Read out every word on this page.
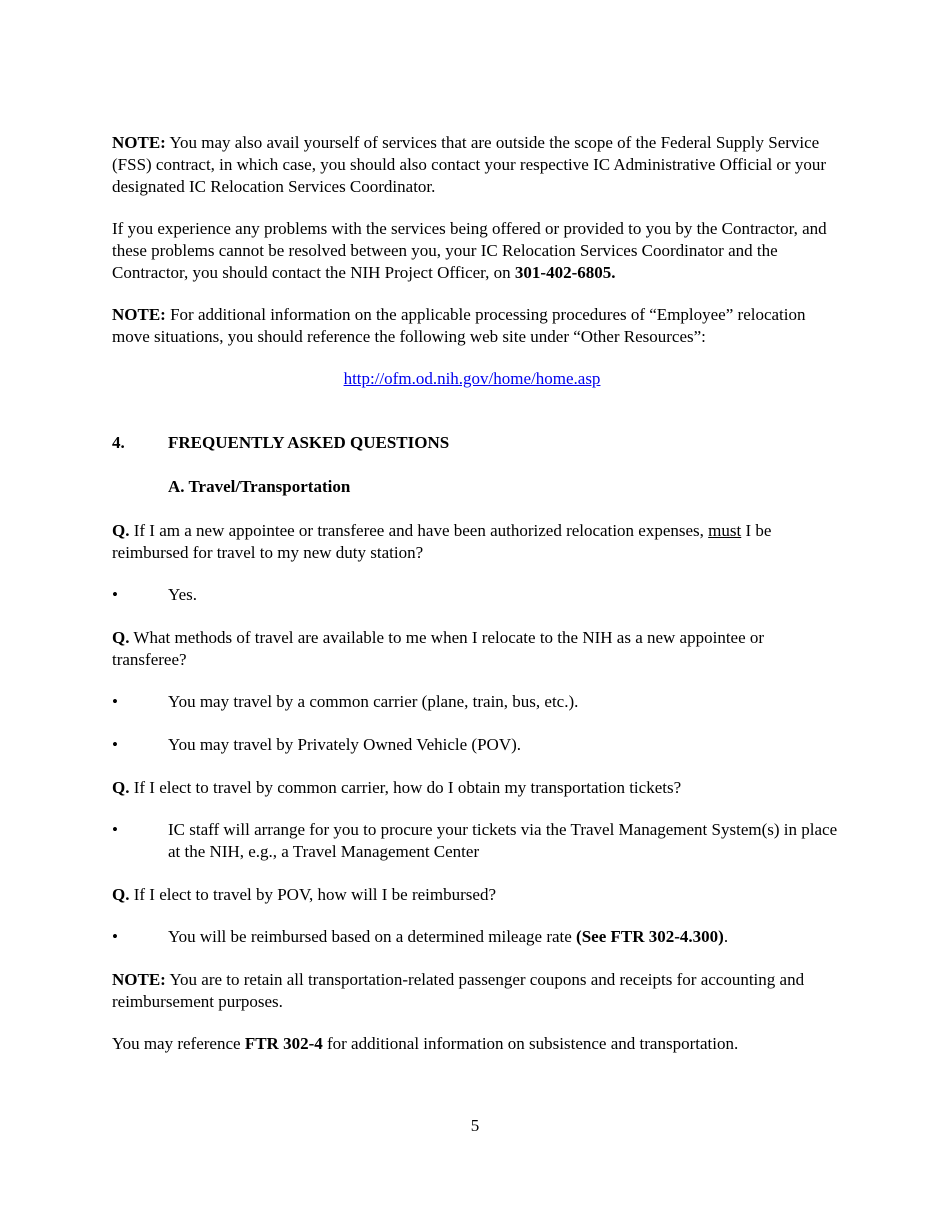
NOTE: You may also avail yourself of services that are outside the scope of the Federal Supply Service (FSS) contract, in which case, you should also contact your respective IC Administrative Official or your designated IC Relocation Services Coordinator.

If you experience any problems with the services being offered or provided to you by the Contractor, and these problems cannot be resolved between you, your IC Relocation Services Coordinator and the Contractor, you should contact the NIH Project Officer, on 301-402-6805.

NOTE: For additional information on the applicable processing procedures of “Employee” relocation move situations, you should reference the following web site under “Other Resources”:

http://ofm.od.nih.gov/home/home.asp

4.	FREQUENTLY ASKED QUESTIONS
A. Travel/Transportation

Q. If I am a new appointee or transferee and have been authorized relocation expenses, must I be reimbursed for travel to my new duty station?

•	Yes.

Q. What methods of travel are available to me when I relocate to the NIH as a new appointee or transferee?

•	You may travel by a common carrier (plane, train, bus, etc.).
•	You may travel by Privately Owned Vehicle (POV).

Q. If I elect to travel by common carrier, how do I obtain my transportation tickets?

•	IC staff will arrange for you to procure your tickets via the Travel Management System(s) in place at the NIH, e.g., a Travel Management Center

Q. If I elect to travel by POV, how will I be reimbursed?

•	You will be reimbursed based on a determined mileage rate (See FTR 302-4.300).

NOTE: You are to retain all transportation-related passenger coupons and receipts for accounting and reimbursement purposes.

You may reference FTR 302-4 for additional information on subsistence and transportation.

5
